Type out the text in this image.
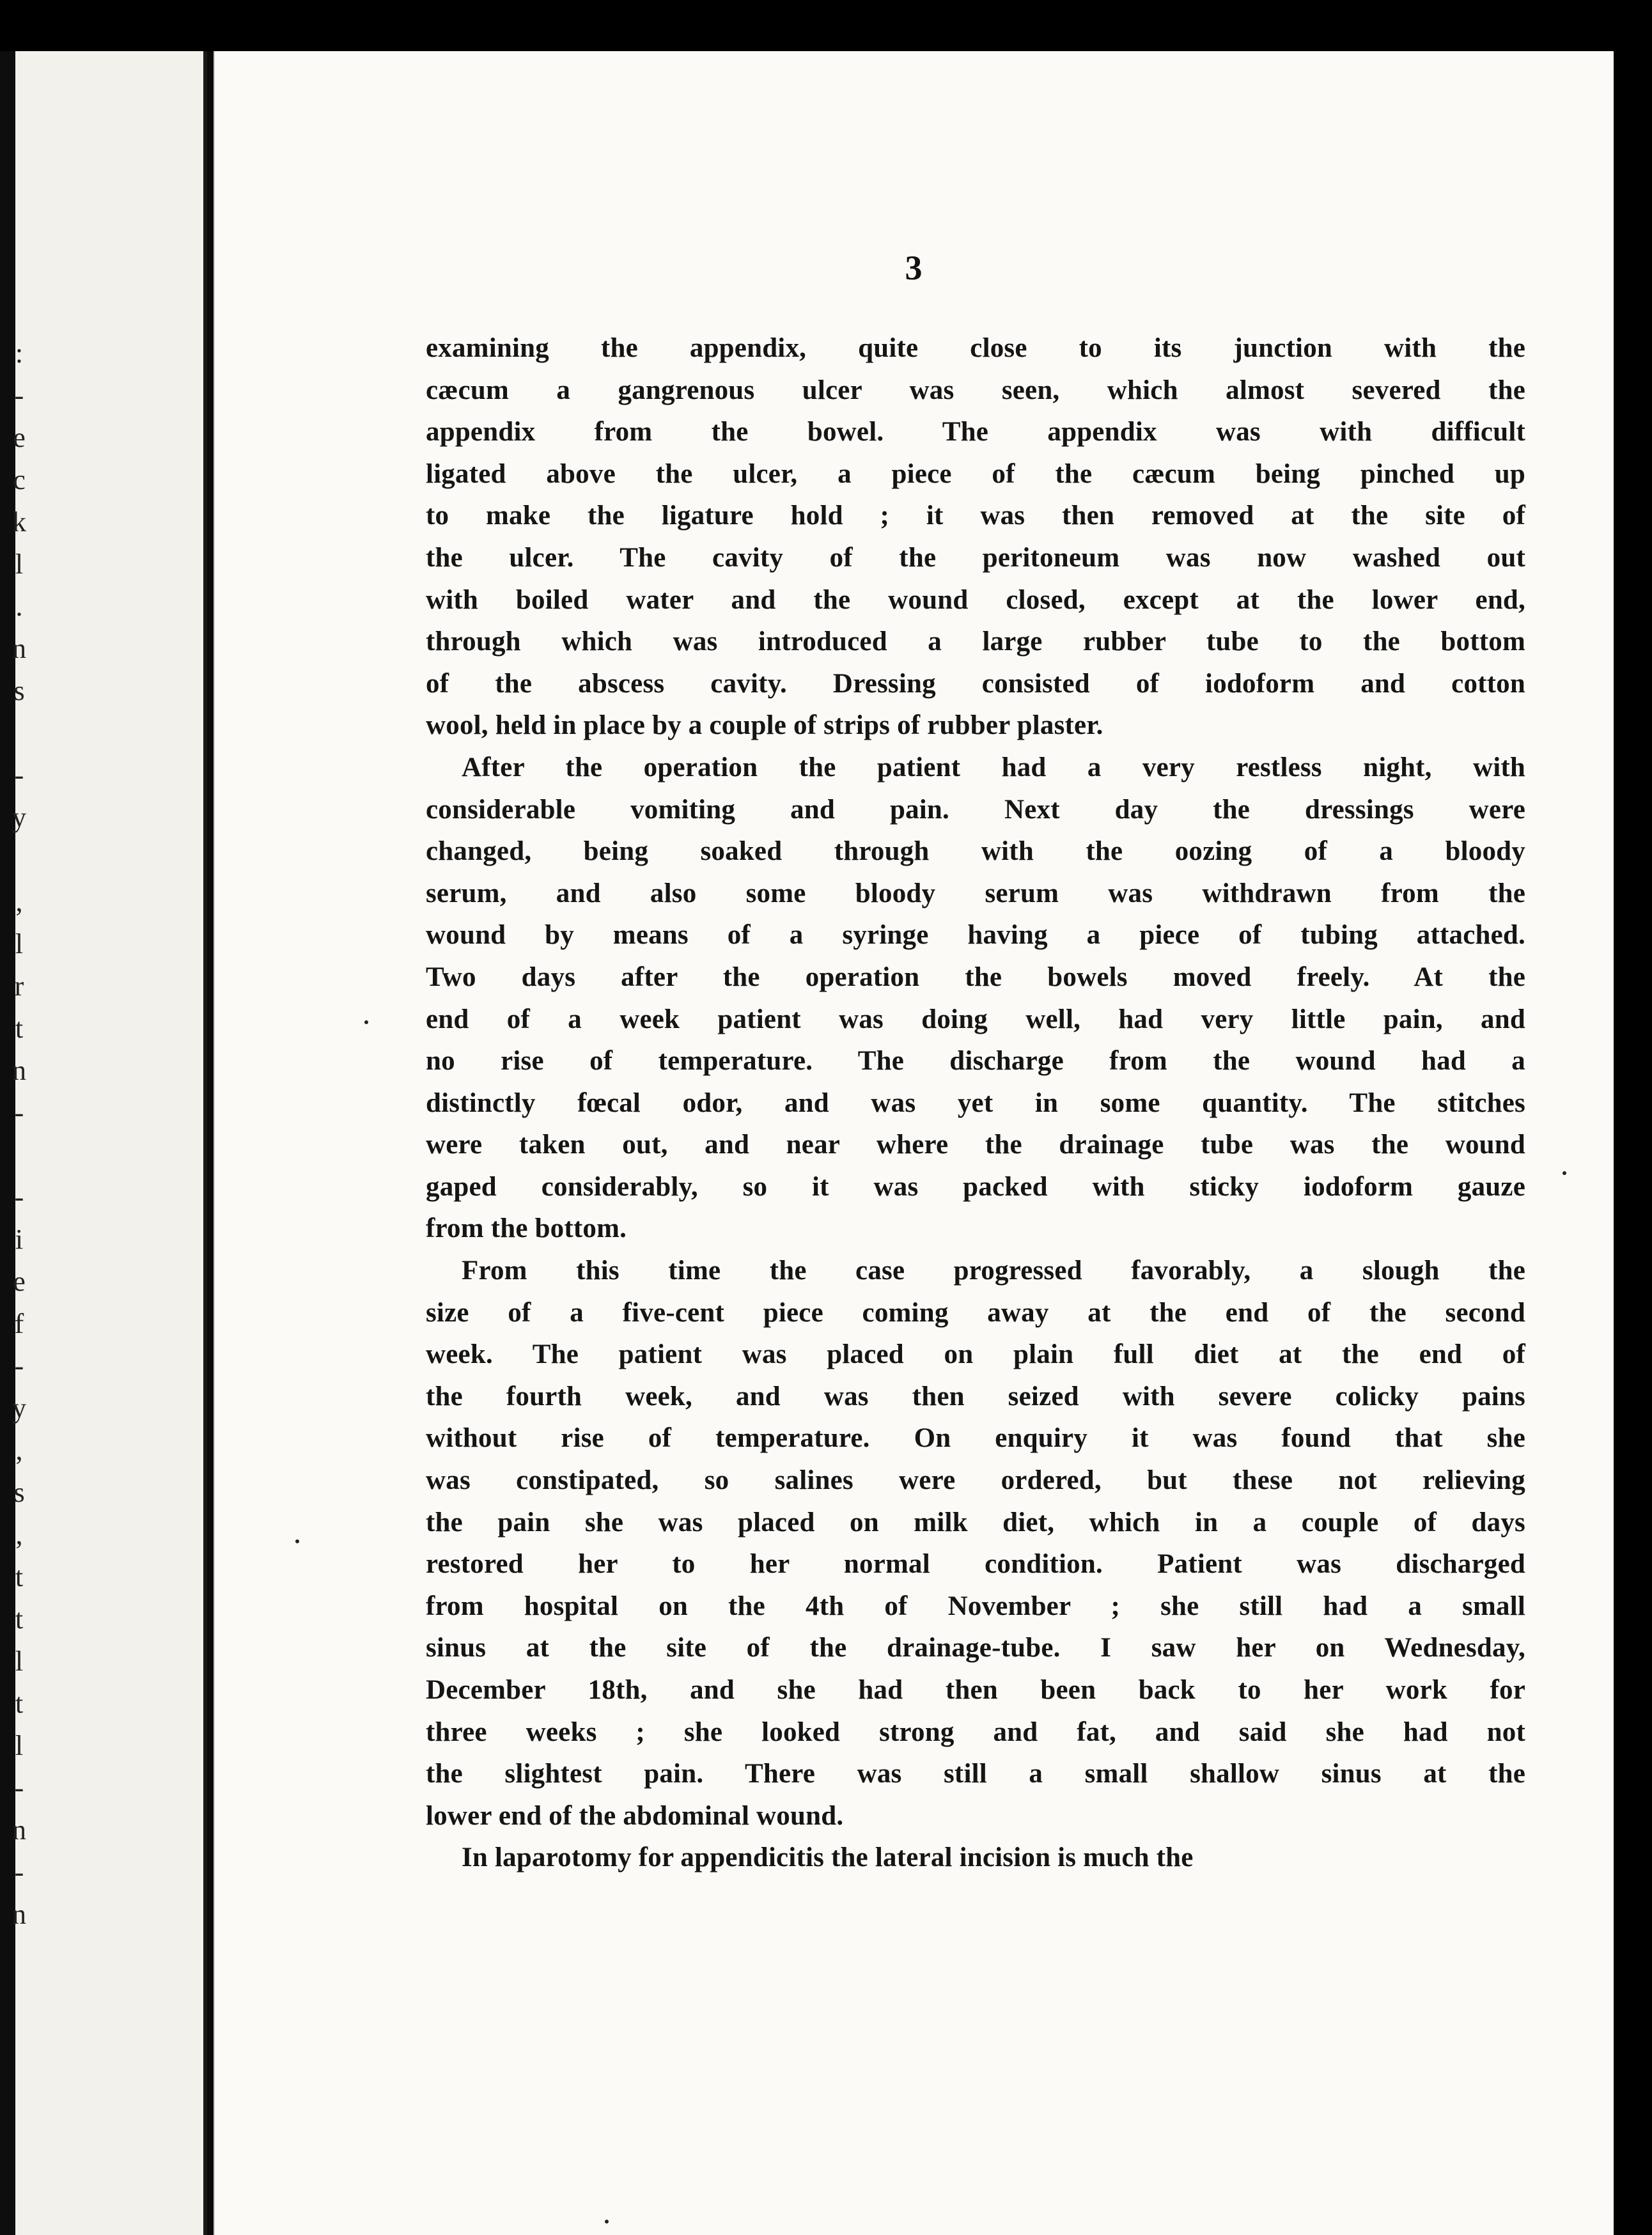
:
-
e
c
k
l
.
n
s
-
y
,
l
r
t
n
-
-
i
e
f
-
y
,
s
,
t
t
l
t
l
-
n
-
n
3

examining the appendix, quite close to its junction with the
cæcum a gangrenous ulcer was seen, which almost severed the
appendix from the bowel. The appendix was with difficult
ligated above the ulcer, a piece of the cæcum being pinched up
to make the ligature hold ; it was then removed at the site of
the ulcer. The cavity of the peritoneum was now washed out
with boiled water and the wound closed, except at the lower end,
through which was introduced a large rubber tube to the bottom
of the abscess cavity. Dressing consisted of iodoform and cotton
wool, held in place by a couple of strips of rubber plaster.

After the operation the patient had a very restless night, with
considerable vomiting and pain. Next day the dressings were
changed, being soaked through with the oozing of a bloody
serum, and also some bloody serum was withdrawn from the
wound by means of a syringe having a piece of tubing attached.
Two days after the operation the bowels moved freely. At the
end of a week patient was doing well, had very little pain, and
no rise of temperature. The discharge from the wound had a
distinctly fœcal odor, and was yet in some quantity. The stitches
were taken out, and near where the drainage tube was the wound
gaped considerably, so it was packed with sticky iodoform gauze
from the bottom.

From this time the case progressed favorably, a slough the
size of a five-cent piece coming away at the end of the second
week. The patient was placed on plain full diet at the end of
the fourth week, and was then seized with severe colicky pains
without rise of temperature. On enquiry it was found that she
was constipated, so salines were ordered, but these not relieving
the pain she was placed on milk diet, which in a couple of days
restored her to her normal condition. Patient was discharged
from hospital on the 4th of November ; she still had a small
sinus at the site of the drainage-tube. I saw her on Wednesday,
December 18th, and she had then been back to her work for
three weeks ; she looked strong and fat, and said she had not
the slightest pain. There was still a small shallow sinus at the
lower end of the abdominal wound.

In laparotomy for appendicitis the lateral incision is much the
